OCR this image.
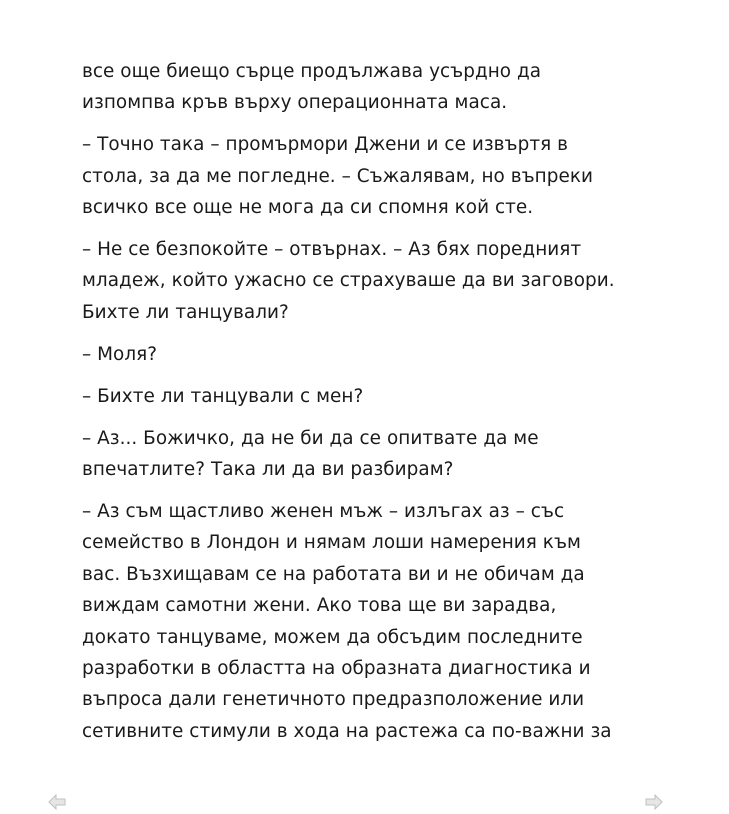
все още биещо сърце продължава усърдно да
изпомпва кръв върху операционната маса.

– Точно така – промърмори Джени и се извъртя в
стола, за да ме погледне. – Съжалявам, но въпреки
всичко все още не мога да си спомня кой сте.

– Не се безпокойте – отвърнах. – Аз бях поредният
младеж, който ужасно се страхуваше да ви заговори.
Бихте ли танцували?

– Моля?

– Бихте ли танцували с мен?

– Аз... Божичко, да не би да се опитвате да ме
впечатлите? Така ли да ви разбирам?

– Аз съм щастливо женен мъж – излъгах аз – със
семейство в Лондон и нямам лоши намерения към
вас. Възхищавам се на работата ви и не обичам да
виждам самотни жени. Ако това ще ви зарадва,
докато танцуваме, можем да обсъдим последните
разработки в областта на образната диагностика и
въпроса дали генетичното предразположение или
сетивните стимули в хода на растежа са по-важни за
